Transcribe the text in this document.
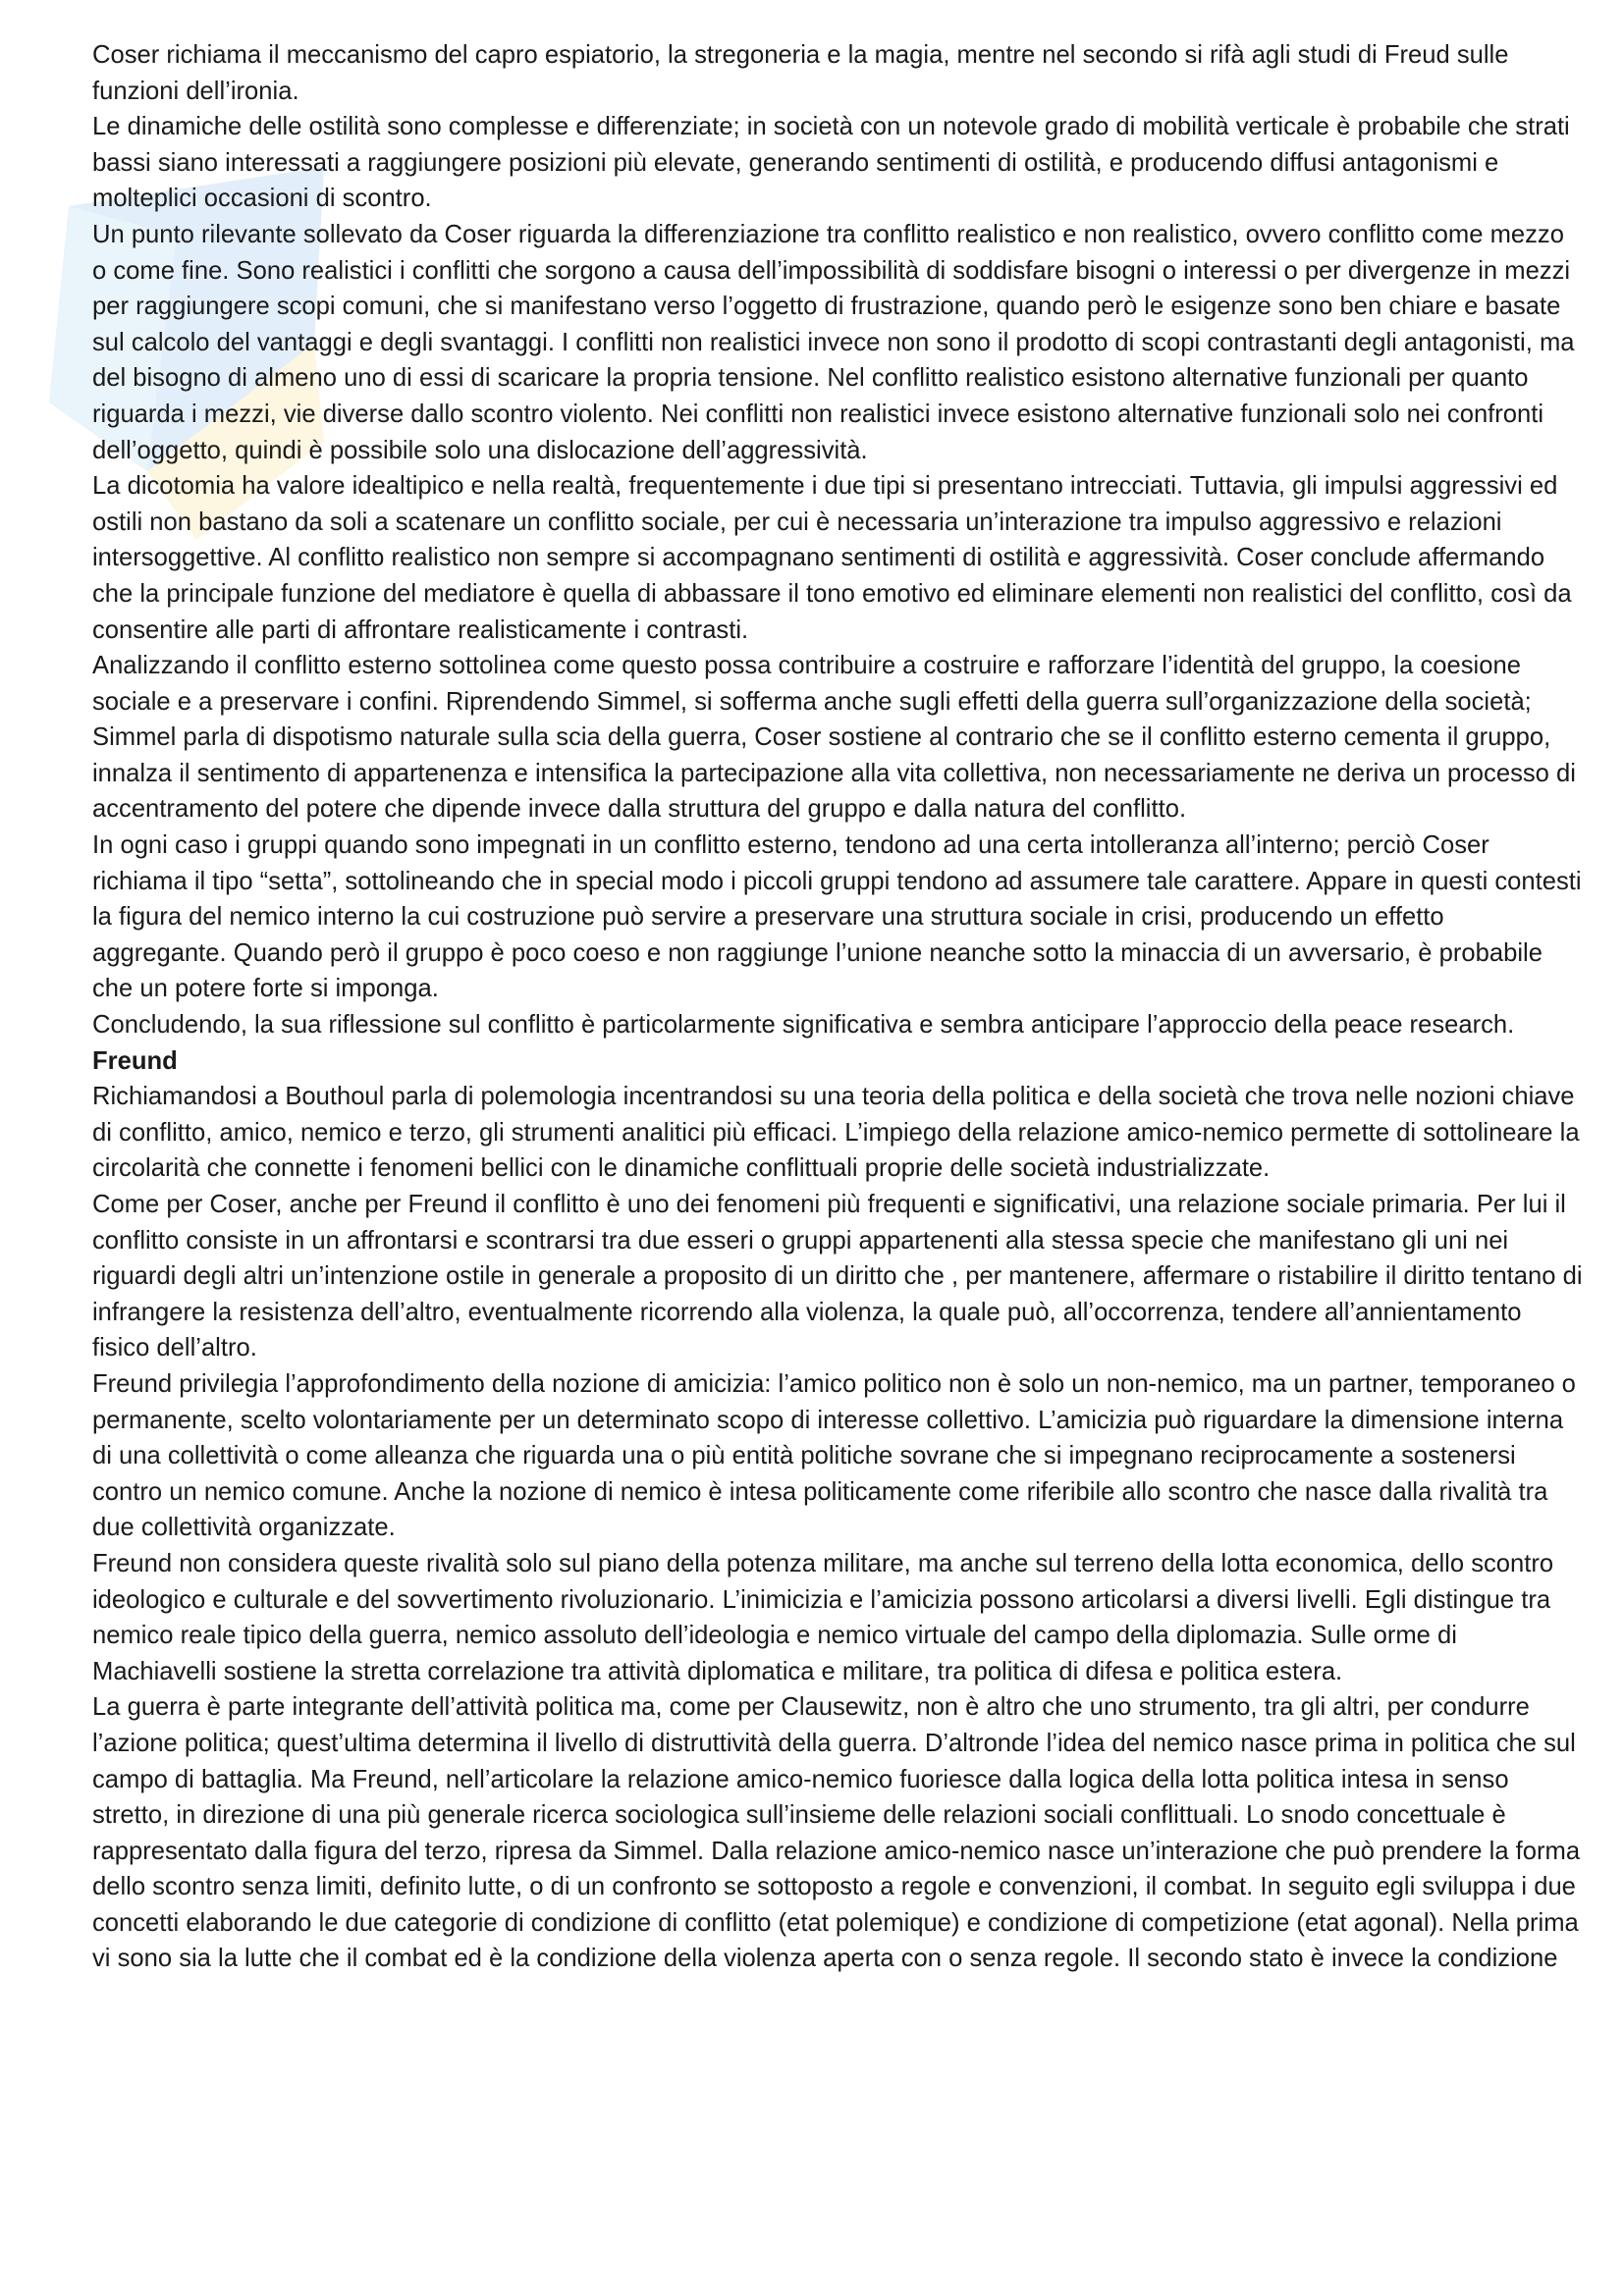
Coser richiama il meccanismo del capro espiatorio, la stregoneria e la magia, mentre nel secondo si rifà agli studi di Freud sulle funzioni dell’ironia.

Le dinamiche delle ostilità sono complesse e differenziate; in società con un notevole grado di mobilità verticale è probabile che strati bassi siano interessati a raggiungere posizioni più elevate, generando sentimenti di ostilità, e producendo diffusi antagonismi e molteplici occasioni di scontro.

Un punto rilevante sollevato da Coser riguarda la differenziazione tra conflitto realistico e non realistico, ovvero conflitto come mezzo o come fine. Sono realistici i conflitti che sorgono a causa dell’impossibilità di soddisfare bisogni o interessi o per divergenze in mezzi per raggiungere scopi comuni, che si manifestano verso l’oggetto di frustrazione, quando però le esigenze sono ben chiare e basate sul calcolo del vantaggi e degli svantaggi. I conflitti non realistici invece non sono il prodotto di scopi contrastanti degli antagonisti, ma del bisogno di almeno uno di essi di scaricare la propria tensione. Nel conflitto realistico esistono alternative funzionali per quanto riguarda i mezzi, vie diverse dallo scontro violento. Nei conflitti non realistici invece esistono alternative funzionali solo nei confronti dell’oggetto, quindi è possibile solo una dislocazione dell’aggressività.

La dicotomia ha valore idealtipico e nella realtà, frequentemente i due tipi si presentano intrecciati. Tuttavia, gli impulsi aggressivi ed ostili non bastano da soli a scatenare un conflitto sociale, per cui è necessaria un’interazione tra impulso aggressivo e relazioni intersoggettive. Al conflitto realistico non sempre si accompagnano sentimenti di ostilità e aggressività. Coser conclude affermando che la principale funzione del mediatore è quella di abbassare il tono emotivo ed eliminare elementi non realistici del conflitto, così da consentire alle parti di affrontare realisticamente i contrasti.

Analizzando il conflitto esterno sottolinea come questo possa contribuire a costruire e rafforzare l’identità del gruppo, la coesione sociale e a preservare i confini. Riprendendo Simmel, si sofferma anche sugli effetti della guerra sull’organizzazione della società; Simmel parla di dispotismo naturale sulla scia della guerra, Coser sostiene al contrario che se il conflitto esterno cementa il gruppo, innalza il sentimento di appartenenza e intensifica la partecipazione alla vita collettiva, non necessariamente ne deriva un processo di accentramento del potere che dipende invece dalla struttura del gruppo e dalla natura del conflitto.

In ogni caso i gruppi quando sono impegnati in un conflitto esterno, tendono ad una certa intolleranza all’interno; perciò Coser richiama il tipo “setta”, sottolineando che in special modo i piccoli gruppi tendono ad assumere tale carattere. Appare in questi contesti la figura del nemico interno la cui costruzione può servire a preservare una struttura sociale in crisi, producendo un effetto aggregante. Quando però il gruppo è poco coeso e non raggiunge l’unione neanche sotto la minaccia di un avversario, è probabile che un potere forte si imponga.

Concludendo, la sua riflessione sul conflitto è particolarmente significativa e sembra anticipare l’approccio della peace research.

Freund

Richiamandosi a Bouthoul parla di polemologia incentrandosi su una teoria della politica e della società che trova nelle nozioni chiave di conflitto, amico, nemico e terzo, gli strumenti analitici più efficaci. L’impiego della relazione amico-nemico permette di sottolineare la circolarità che connette i fenomeni bellici con le dinamiche conflittuali proprie delle società industrializzate.

Come per Coser, anche per Freund il conflitto è uno dei fenomeni più frequenti e significativi, una relazione sociale primaria. Per lui il conflitto consiste in un affrontarsi e scontrarsi tra due esseri o gruppi appartenenti alla stessa specie che manifestano gli uni nei riguardi degli altri un’intenzione ostile in generale a proposito di un diritto che , per mantenere, affermare o ristabilire il diritto tentano di infrangere la resistenza dell’altro, eventualmente ricorrendo alla violenza, la quale può, all’occorrenza, tendere all’annientamento fisico dell’altro.

Freund privilegia l’approfondimento della nozione di amicizia: l’amico politico non è solo un non-nemico, ma un partner, temporaneo o permanente, scelto volontariamente per un determinato scopo di interesse collettivo. L’amicizia può riguardare la dimensione interna di una collettività o come alleanza che riguarda una o più entità politiche sovrane che si impegnano reciprocamente a sostenersi contro un nemico comune. Anche la nozione di nemico è intesa politicamente come riferibile allo scontro che nasce dalla rivalità tra due collettività organizzate.

Freund non considera queste rivalità solo sul piano della potenza militare, ma anche sul terreno della lotta economica, dello scontro ideologico e culturale e del sovvertimento rivoluzionario. L’inimicizia e l’amicizia possono articolarsi a diversi livelli. Egli distingue tra nemico reale tipico della guerra, nemico assoluto dell’ideologia e nemico virtuale del campo della diplomazia. Sulle orme di Machiavelli sostiene la stretta correlazione tra attività diplomatica e militare, tra politica di difesa e politica estera.

La guerra è parte integrante dell’attività politica ma, come per Clausewitz, non è altro che uno strumento, tra gli altri, per condurre l’azione politica; quest’ultima determina il livello di distruttività della guerra. D’altronde l’idea del nemico nasce prima in politica che sul campo di battaglia. Ma Freund, nell’articolare la relazione amico-nemico fuoriesce dalla logica della lotta politica intesa in senso stretto, in direzione di una più generale ricerca sociologica sull’insieme delle relazioni sociali conflittuali. Lo snodo concettuale è rappresentato dalla figura del terzo, ripresa da Simmel. Dalla relazione amico-nemico nasce un’interazione che può prendere la forma dello scontro senza limiti, definito lutte, o di un confronto se sottoposto a regole e convenzioni, il combat. In seguito egli sviluppa i due concetti elaborando le due categorie di condizione di conflitto (etat polemique) e condizione di competizione (etat agonal). Nella prima vi sono sia la lutte che il combat ed è la condizione della violenza aperta con o senza regole. Il secondo stato è invece la condizione
